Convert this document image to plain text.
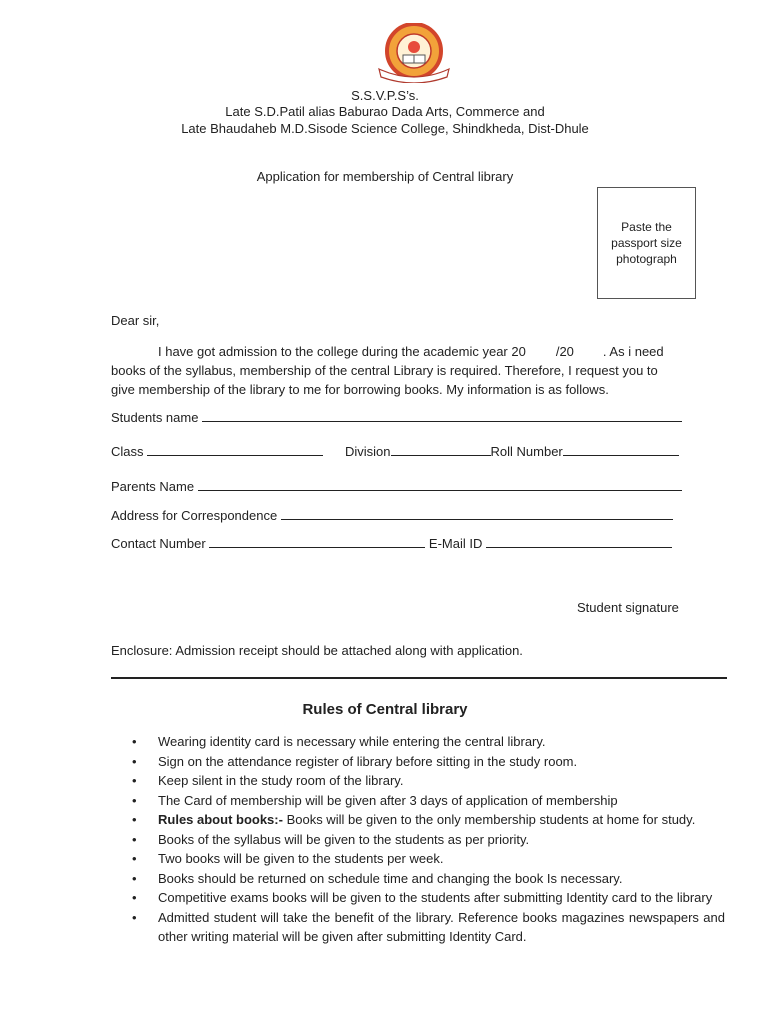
S.S.V.P.S’s.
Late S.D.Patil alias Baburao Dada Arts, Commerce and
Late Bhaudaheb M.D.Sisode Science College, Shindkheda, Dist-Dhule
Application for membership of Central library
Paste the
passport size
photograph
Dear sir,
I have got admission to the college during the academic year 20 /20 . As i need
books of the syllabus, membership of the central Library is required. Therefore, I request you to
give membership of the library to me for borrowing books. My information is as follows.
Students name
Class	Division	Roll Number
Parents Name
Address for Correspondence
Contact Number	E-Mail ID
Student signature
Enclosure: Admission receipt should be attached along with application.
Rules of Central library
• Wearing identity card is necessary while entering the central library.
• Sign on the attendance register of library before sitting in the study room.
• Keep silent in the study room of the library.
• The Card of membership will be given after 3 days of application of membership
• Rules about books:- Books will be given to the only membership students at home for study.
• Books of the syllabus will be given to the students as per priority.
• Two books will be given to the students per week.
• Books should be returned on schedule time and changing the book Is necessary.
• Competitive exams books will be given to the students after submitting Identity card to the library
• Admitted student will take the benefit of the library. Reference books magazines newspapers and other writing material will be given after submitting Identity Card.
